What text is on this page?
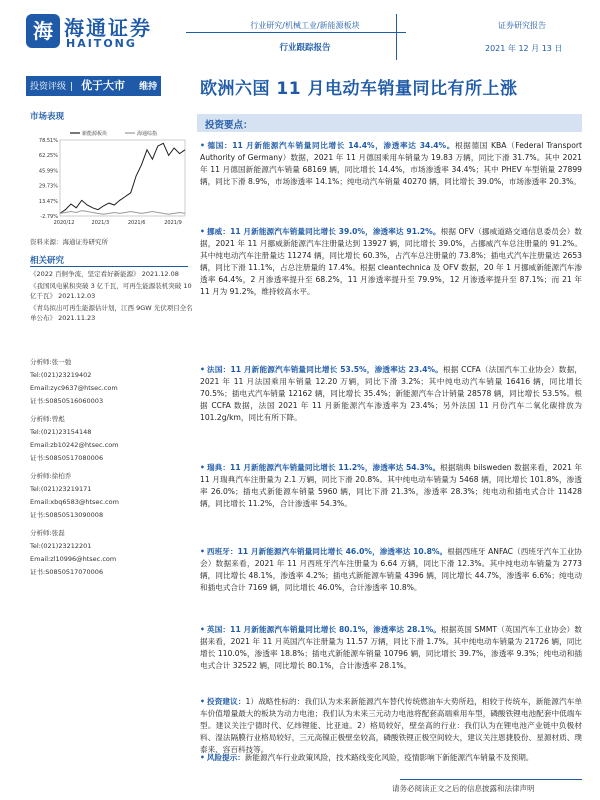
海 海通证券
HAITONG
行业研究/机械工业/新能源板块
行业跟踪报告
证券研究报告
2021 年 12 月 13 日
投资评级 | 优于大市 维持	欧洲六国 11 月电动车销量同比有所上涨
市场表现
-2.79%
13.47%
29.73%
45.99%
62.25%
78.51%
2020/12	2021/3	2021/6	2021/9
新能源板块	海通综指
资料来源：海通证券研究所
相关研究
《2022 百舸争流，坚定看好新能源》 2021.12.08
《我国风电累积突破 3 亿千瓦，可再生能源装机突破 10 亿千瓦》 2021.12.03
《青岛拟出可再生能源估计划，江西 9GW 光伏项目全名单公布》 2021.11.23
分析师:张一弛
Tel:(021)23219402
Email:zyc9637@htsec.com
证书:S0850516060003
分析师:曾彪
Tel:(021)23154148
Email:zb10242@htsec.com
证书:S0850517080006
分析师:徐柏乔
Tel:(021)23219171
Email:xbq6583@htsec.com
证书:S0850513090008
分析师:张磊
Tel:(021)23212201
Email:zl10996@htsec.com
证书:S0850517070006
投资要点：
• 德国：11 月新能源汽车销量同比增长 14.4%，渗透率达 34.4%。根据德国 KBA（Federal Transport Authority of Germany）数据，2021 年 11 月德国乘用车销量为 19.83 万辆，同比下滑 31.7%。其中 2021 年 11 月德国新能源汽车销量 68169 辆，同比增长 14.4%，市场渗透率 34.4%；其中 PHEV 车型销量 27899 辆，同比下滑 8.9%，市场渗透率 14.1%；纯电动汽车销量 40270 辆，同比增长 39.0%，市场渗透率 20.3%。
• 挪威：11 月新能源汽车销量同比增长 39.0%，渗透率达 91.2%。根据 OFV（挪威道路交通信息委员会）数据，2021 年 11 月挪威新能源汽车注册量达到 13927 辆，同比增长 39.0%，占挪威汽车总注册量的 91.2%。其中纯电动汽车注册量达 11274 辆，同比增长 60.3%，占汽车总注册量的 73.8%；插电式汽车注册量达 2653 辆，同比下滑 11.1%，占总注册量的 17.4%。根据 cleantechnica 及 OFV 数据，20 年 1 月挪威新能源汽车渗透率 64.4%，2 月渗透率提升至 68.2%，11 月渗透率提升至 79.9%，12 月渗透率提升至 87.1%；而 21 年 11 月为 91.2%，维持较高水平。
• 法国：11 月新能源汽车销量同比增长 53.5%，渗透率达 23.4%。根据 CCFA（法国汽车工业协会）数据，2021 年 11 月法国乘用车销量 12.20 万辆，同比下滑 3.2%；其中纯电动汽车销量 16416 辆，同比增长 70.5%；插电式汽车销量 12162 辆，同比增长 35.4%；新能源汽车合计销量 28578 辆，同比增长 53.5%。根据 CCFA 数据，法国 2021 年 11 月新能源汽车渗透率为 23.4%；另外法国 11 月份汽车二氧化碳排放为 101.2g/km，同比有所下降。
• 瑞典：11 月新能源汽车销量同比增长 11.2%，渗透率达 54.3%。根据瑞典 bilsweden 数据来看，2021 年 11 月瑞典汽车注册量为 2.1 万辆，同比下滑 20.8%。其中纯电动车销量为 5468 辆，同比增长 101.8%，渗透率 26.0%；插电式新能源车销量 5960 辆，同比下滑 21.3%，渗透率 28.3%；纯电动和插电式合计 11428 辆，同比增长 11.2%，合计渗透率 54.3%。
• 西班牙：11 月新能源汽车销量同比增长 46.0%，渗透率达 10.8%。根据西班牙 ANFAC（西班牙汽车工业协会）数据来看，2021 年 11 月西班牙汽车注册量为 6.64 万辆，同比下滑 12.3%。其中纯电动车销量为 2773 辆，同比增长 48.1%，渗透率 4.2%；插电式新能源车销量 4396 辆，同比增长 44.7%，渗透率 6.6%；纯电动和插电式合计 7169 辆，同比增长 46.0%，合计渗透率 10.8%。
• 英国：11 月新能源汽车销量同比增长 80.1%，渗透率达 28.1%。根据英国 SMMT（英国汽车工业协会）数据来看，2021 年 11 月英国汽车注册量为 11.57 万辆，同比下滑 1.7%。其中纯电动车销量为 21726 辆，同比增长 110.0%，渗透率 18.8%；插电式新能源车销量 10796 辆，同比增长 39.7%，渗透率 9.3%；纯电动和插电式合计 32522 辆，同比增长 80.1%，合计渗透率 28.1%。
• 投资建议：1）战略性标的：我们认为未来新能源汽车替代传统燃油车大势所趋，相较于传统车，新能源汽车单车价值增量最大的板块为动力电池；我们认为未来三元动力电池将配套高端乘用车型，磷酸铁锂电池配套中低端车型。建议关注宁德时代、亿纬锂能、比亚迪。2）格局较好，壁垒高的行业：我们认为在锂电池产业链中负极材料、湿法隔膜行业格局较好，三元高镍正极壁垒较高，磷酸铁锂正极空间较大，建议关注恩捷股份、星源材质、璞泰来、容百科技等。
• 风险提示：新能源汽车行业政策风险，技术路线变化风险，疫情影响下新能源汽车销量不及预期。
请务必阅读正文之后的信息披露和法律声明
